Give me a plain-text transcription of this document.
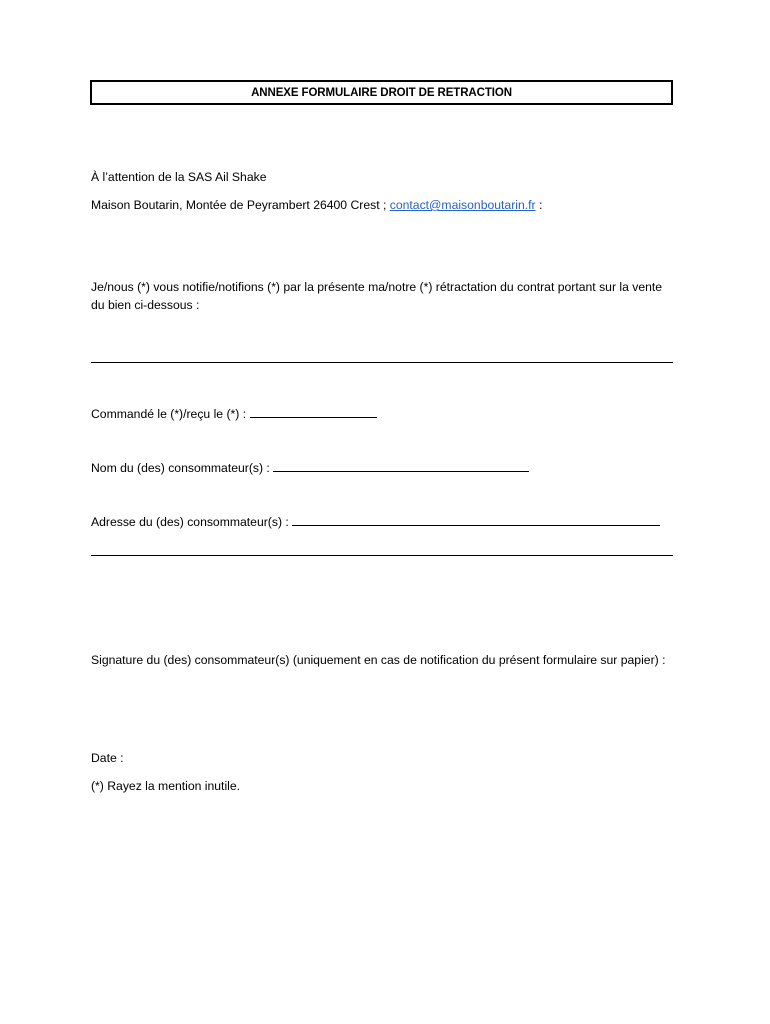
ANNEXE FORMULAIRE DROIT DE RETRACTION
À l’attention de la SAS Ail Shake
Maison Boutarin, Montée de Peyrambert 26400 Crest ; contact@maisonboutarin.fr :
Je/nous (*) vous notifie/notifions (*) par la présente ma/notre (*) rétractation du contrat portant sur la vente du bien ci-dessous :
Commandé le (*)/reçu le (*) :
Nom du (des) consommateur(s) :
Adresse du (des) consommateur(s) :
Signature du (des) consommateur(s) (uniquement en cas de notification du présent formulaire sur papier) :
Date :
(*) Rayez la mention inutile.
